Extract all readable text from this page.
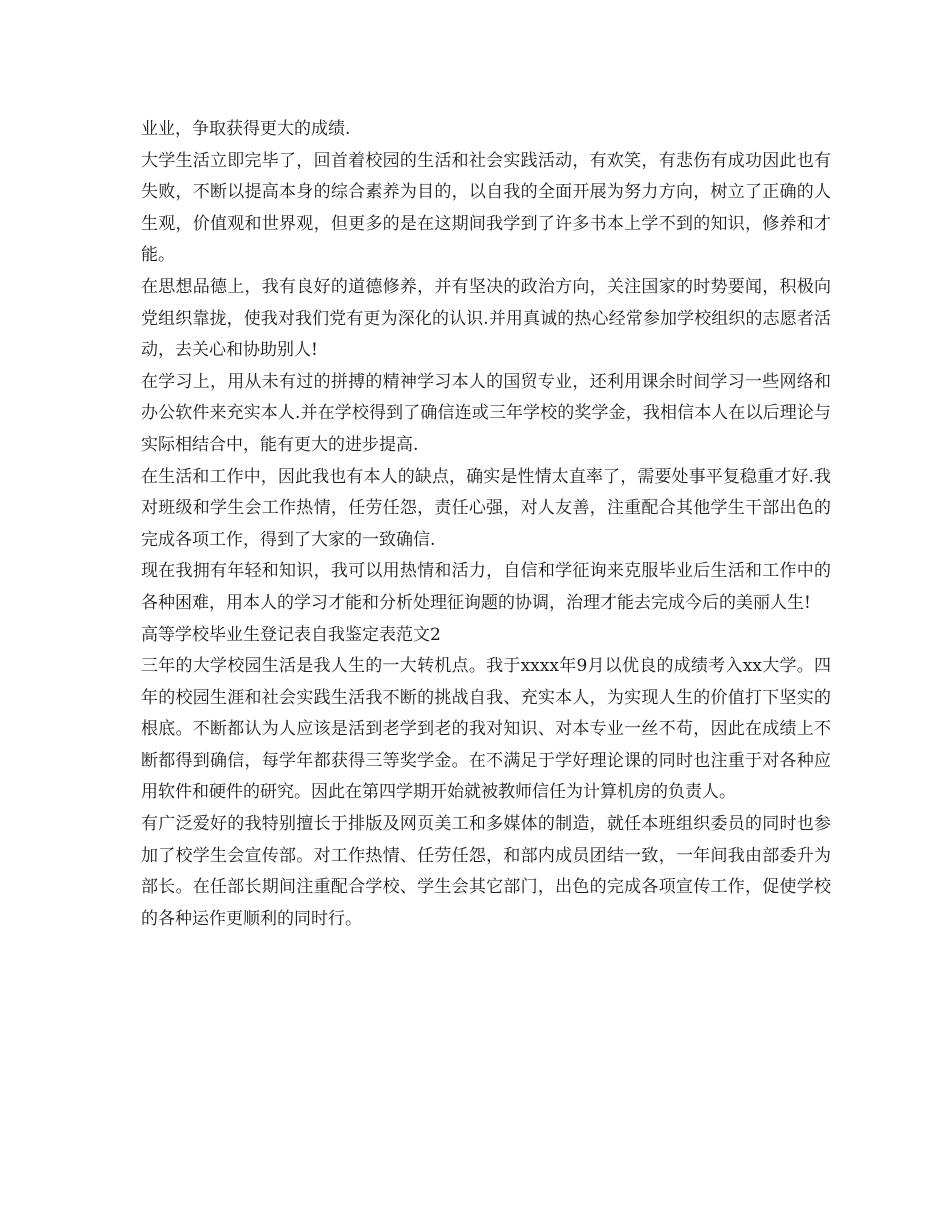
业业，争取获得更大的成绩.

大学生活立即完毕了，回首着校园的生活和社会实践活动，有欢笑，有悲伤有成功因此也有失败，不断以提高本身的综合素养为目的，以自我的全面开展为努力方向，树立了正确的人生观，价值观和世界观，但更多的是在这期间我学到了许多书本上学不到的知识，修养和才能。

在思想品德上，我有良好的道德修养，并有坚决的政治方向，关注国家的时势要闻，积极向党组织靠拢，使我对我们党有更为深化的认识.并用真诚的热心经常参加学校组织的志愿者活动，去关心和协助别人!

在学习上，用从未有过的拼搏的精神学习本人的国贸专业，还利用课余时间学习一些网络和办公软件来充实本人.并在学校得到了确信连或三年学校的奖学金，我相信本人在以后理论与实际相结合中，能有更大的进步提高.

在生活和工作中，因此我也有本人的缺点，确实是性情太直率了，需要处事平复稳重才好.我对班级和学生会工作热情，任劳任怨，责任心强，对人友善，注重配合其他学生干部出色的完成各项工作，得到了大家的一致确信.

现在我拥有年轻和知识，我可以用热情和活力，自信和学征询来克服毕业后生活和工作中的各种困难，用本人的学习才能和分析处理征询题的协调，治理才能去完成今后的美丽人生!

高等学校毕业生登记表自我鉴定表范文2

三年的大学校园生活是我人生的一大转机点。我于xxxx年9月以优良的成绩考入xx大学。四年的校园生涯和社会实践生活我不断的挑战自我、充实本人，为实现人生的价值打下坚实的根底。不断都认为人应该是活到老学到老的我对知识、对本专业一丝不苟，因此在成绩上不断都得到确信，每学年都获得三等奖学金。在不满足于学好理论课的同时也注重于对各种应用软件和硬件的研究。因此在第四学期开始就被教师信任为计算机房的负责人。

有广泛爱好的我特别擅长于排版及网页美工和多媒体的制造，就任本班组织委员的同时也参加了校学生会宣传部。对工作热情、任劳任怨，和部内成员团结一致，一年间我由部委升为部长。在任部长期间注重配合学校、学生会其它部门，出色的完成各项宣传工作，促使学校的各种运作更顺利的同时行。
